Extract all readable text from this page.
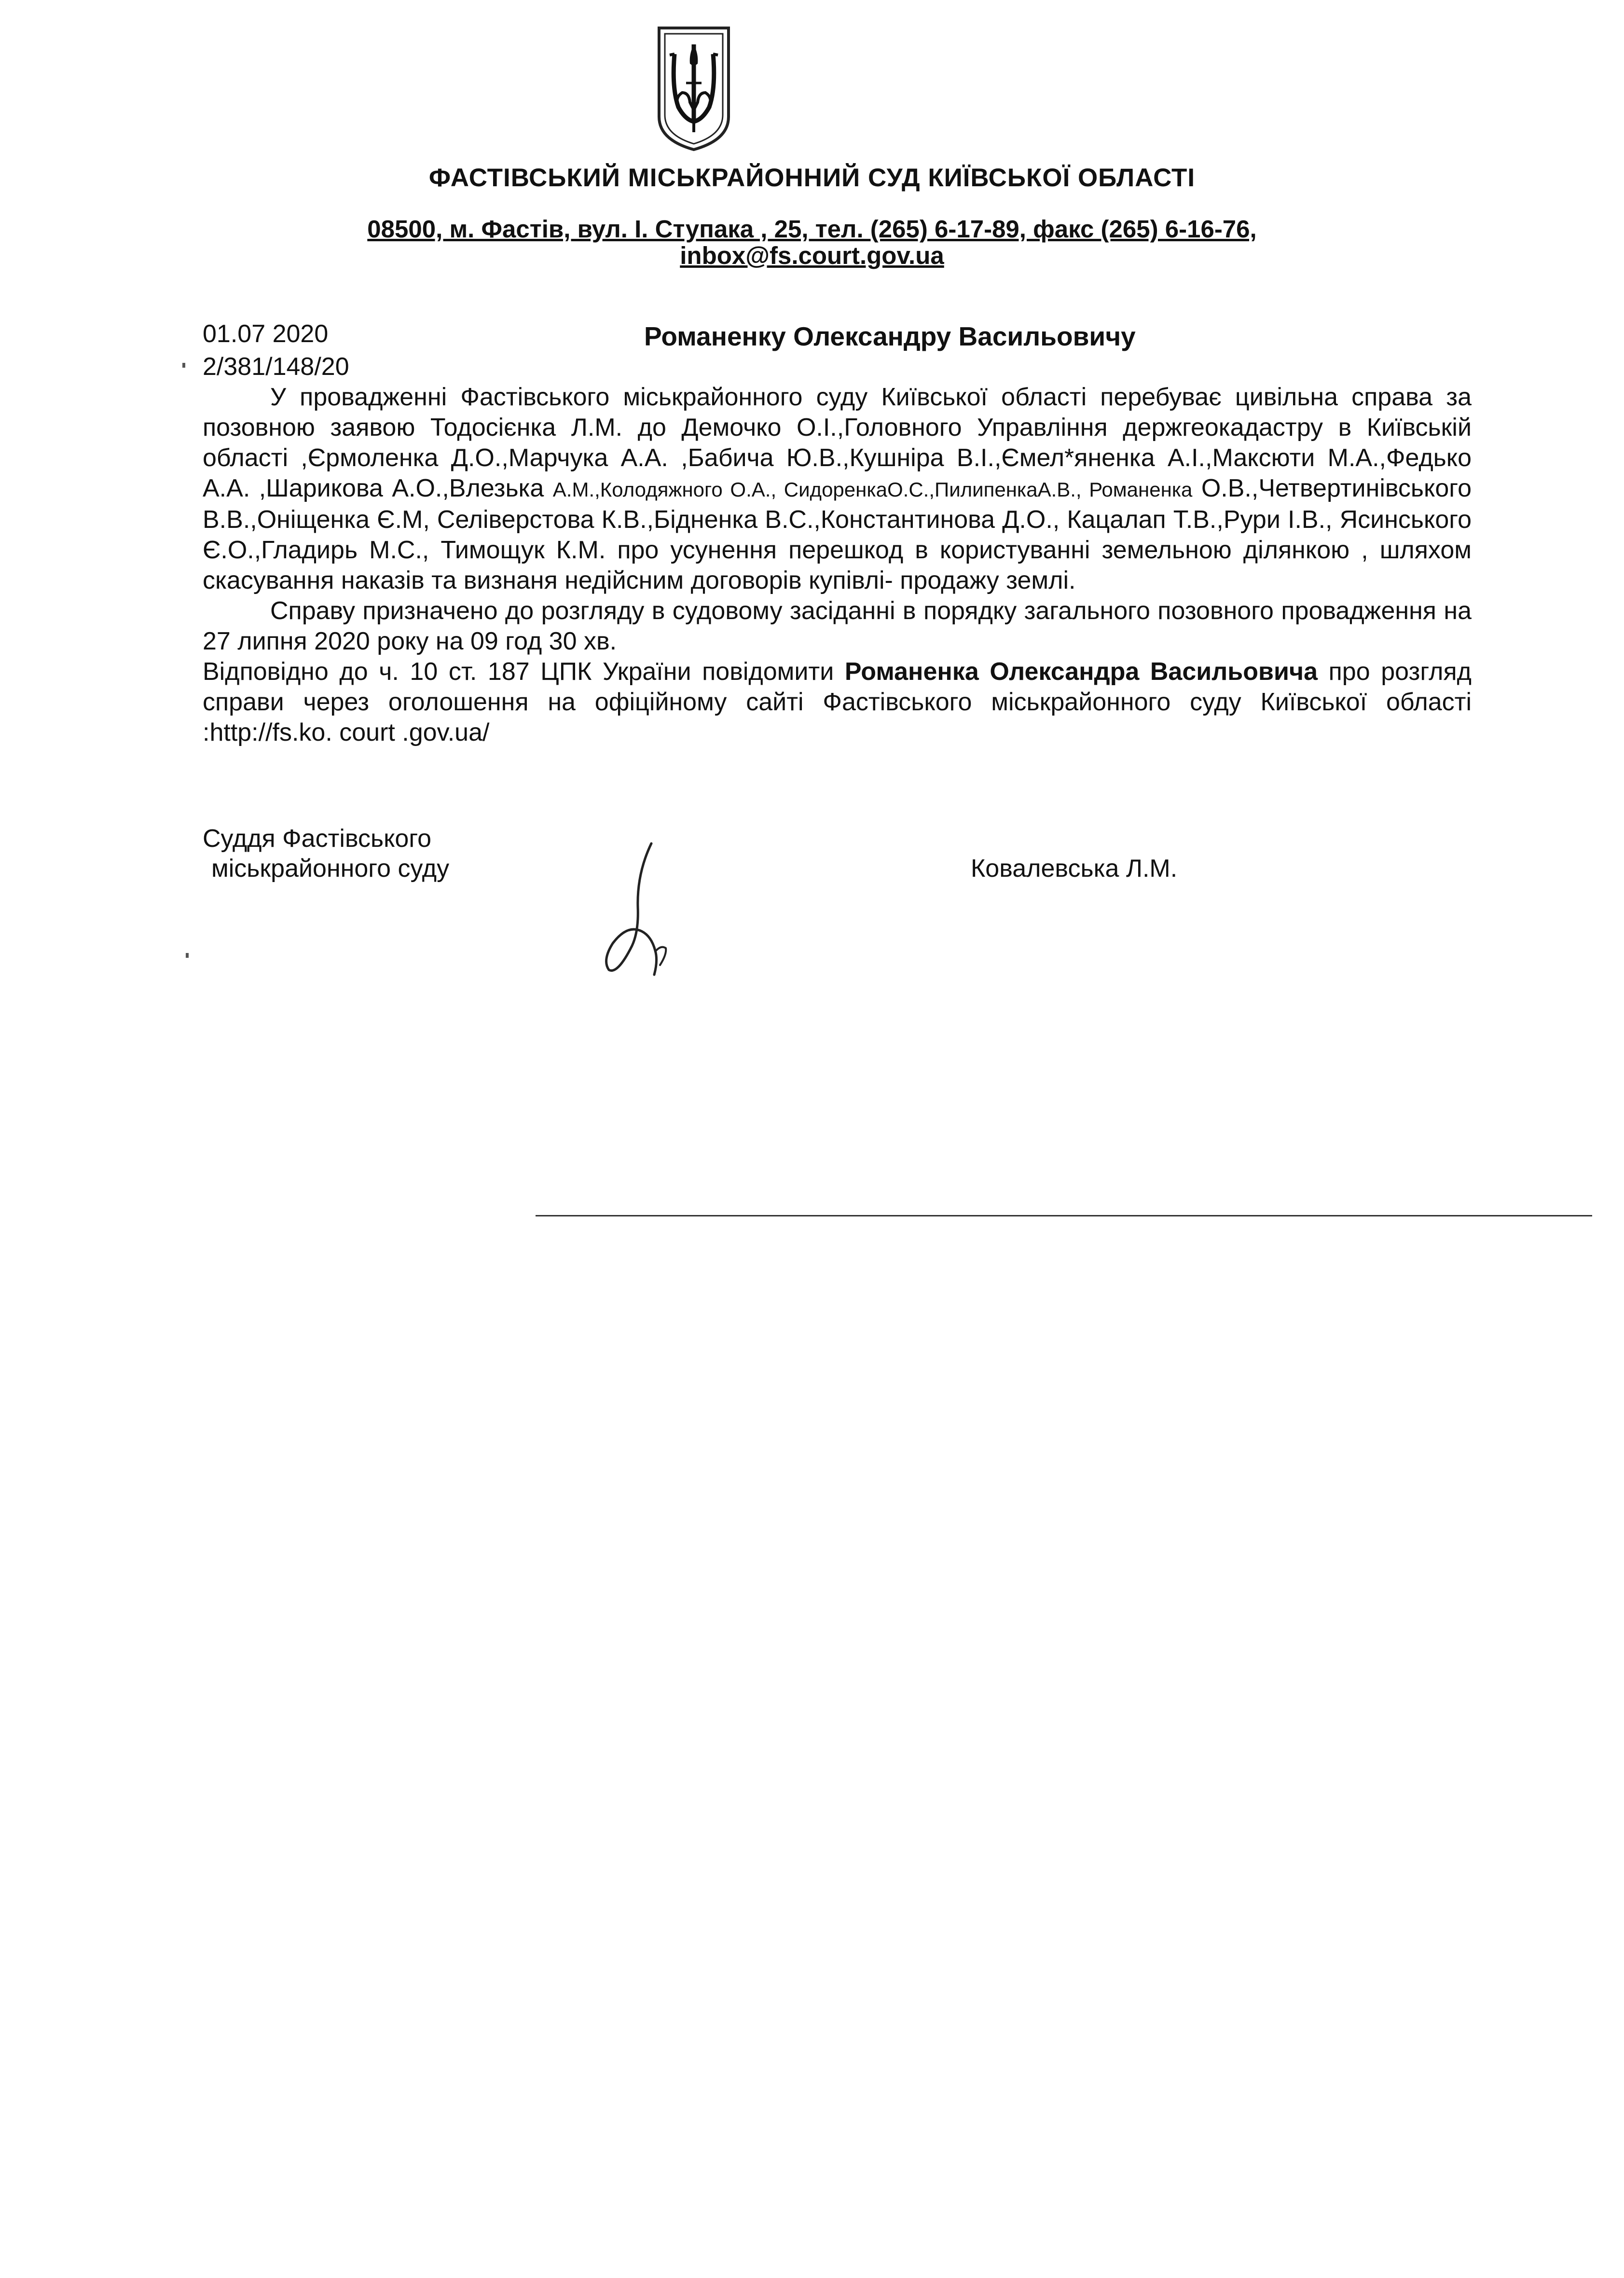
ФАСТІВСЬКИЙ МІСЬКРАЙОННИЙ СУД КИЇВСЬКОЇ ОБЛАСТІ
08500, м. Фастів, вул. І. Ступака , 25, тел. (265) 6-17-89, факс (265) 6-16-76,
inbox@fs.court.gov.ua
01.07 2020
2/381/148/20
Романенку Олександру Васильовичу

У провадженні Фастівського міськрайонного суду Київської області перебуває цивільна справа за позовною заявою Тодосієнка Л.М. до Демочко О.І.,Головного Управління держгеокадастру в Київській області ,Єрмоленка Д.О.,Марчука А.А. ,Бабича Ю.В.,Кушніра В.І.,Ємел*яненка А.І.,Максюти М.А.,Федько А.А. ,Шарикова А.О.,Влезька А.М.,Колодяжного О.А., СидоренкаО.С.,ПилипенкаА.В., Романенка О.В.,Четвертинівського В.В.,Оніщенка Є.М, Селіверстова К.В.,Бідненка В.С.,Константинова Д.О., Кацалап Т.В.,Рури І.В., Ясинського Є.О.,Гладирь М.С., Тимощук К.М. про усунення перешкод в користуванні земельною ділянкою , шляхом скасування наказів та визнаня недійсним договорів купівлі- продажу землі.

Справу призначено до розгляду в судовому засіданні в порядку загального позовного провадження на 27 липня 2020 року на 09 год 30 хв.

Відповідно до ч. 10 ст. 187 ЦПК України повідомити Романенка Олександра Васильовича про розгляд справи через оголошення на офіційному сайті Фастівського міськрайонного суду Київської області :http://fs.ko. court .gov.ua/

Суддя Фастівського
міськрайонного суду	Ковалевська Л.М.
